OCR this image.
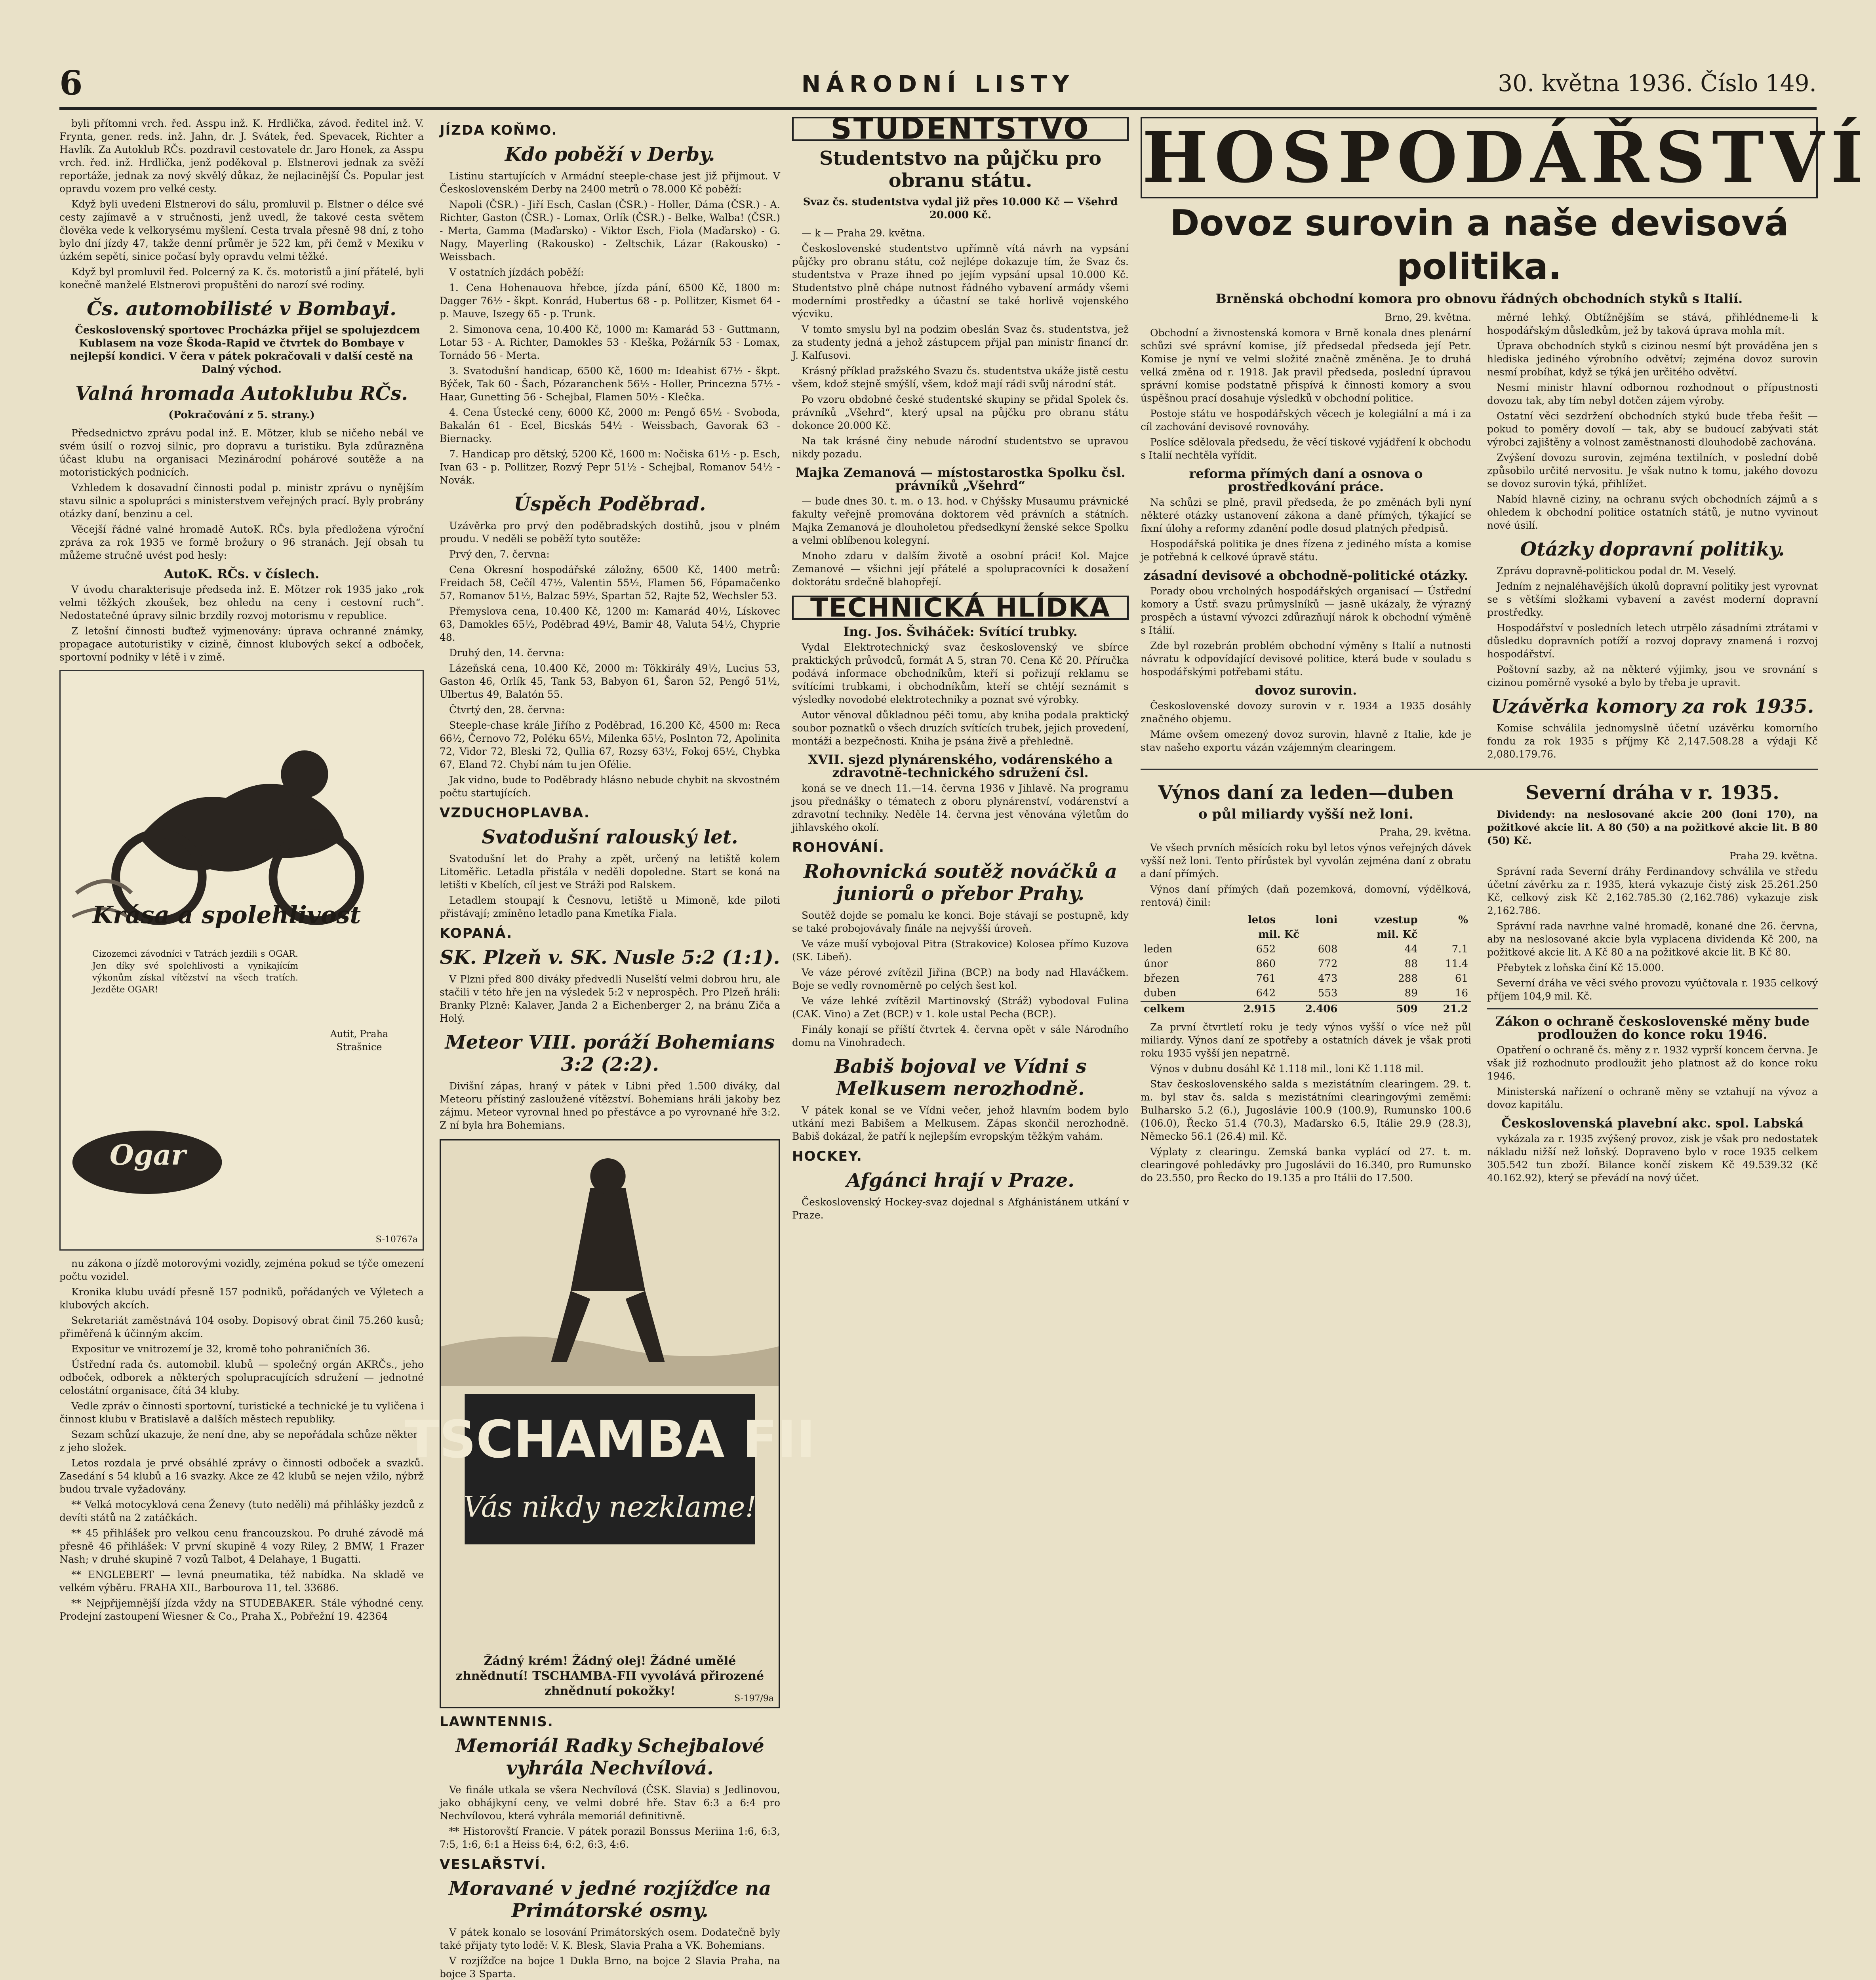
6	NÁRODNÍ LISTY	30. května 1936. Číslo 149.

byli přítomni vrch. řed. Asspu inž. K. Hrdlička, závod. ředitel inž. V. Frynta, gener. reds. inž. Jahn, dr. J. Svátek, řed. Spevacek, Richter a Havlík. Za Autoklub RČs. pozdravil cestovatele dr. Jaro Honek, za Asspu vrch. řed. inž. Hrdlička, jenž poděkoval p. Elstnerovi jednak za svěží reportáže, jednak za nový skvělý důkaz, že nejlacinější Čs. Popular jest opravdu vozem pro velké cesty.

Když byli uvedeni Elstnerovi do sálu, promluvil p. Elstner o délce své cesty zajímavě a v stručnosti, jenž uvedl, že takové cesta světem člověka vede k velkorysému myšlení. Cesta trvala přesně 98 dní, z toho bylo dní jízdy 47, takže denní průměr je 522 km, při čemž v Mexiku v úzkém sepětí, sinice počasí byly opravdu velmi těžké.

Když byl promluvil řed. Polcerný za K. čs. motoristů a jiní přátelé, byli konečně manželé Elstnerovi propuštěni do narozí své rodiny.

Čs. automobilisté v Bombayi.

Československý sportovec Procházka přijel se spolujezdcem Kublasem na voze Škoda-Rapid ve čtvrtek do Bombaye v nejlepší kondici. V čera v pátek pokračovali v další cestě na Dalný východ.

Valná hromada Autoklubu RČs.
(Pokračování z 5. strany.)

Předsednictvo zprávu podal inž. E. Mötzer, klub se ničeho nebál ve svém úsilí o rozvoj silnic, pro dopravu a turistiku. Byla zdůrazněna účast klubu na organisaci Mezinárodní pohárové soutěže a na motoristických podnicích.

Vzhledem k dosavadní činnosti podal p. ministr zprávu o nynějším stavu silnic a spolupráci s ministerstvem veřejných prací. Byly probrány otázky daní, benzinu a cel.

Věcejší řádné valné hromadě AutoK. RČs. byla předložena výroční zpráva za rok 1935 ve formě brožury o 96 stranách. Její obsah tu můžeme stručně uvést pod hesly:

AutoK. RČs. v číslech.

V úvodu charakterisuje předseda inž. E. Mötzer rok 1935 jako „rok velmi těžkých zkoušek, bez ohledu na ceny i cestovní ruch“. Nedostatečné úpravy silnic brzdily rozvoj motorismu v republice.

Z letošní činnosti buďtež vyjmenovány: úprava ochranné známky, propagace autoturistiky v cizině, činnost klubových sekcí a odboček, sportovní podniky v létě i v zimě.

Krása a spolehlivost
Cizozemci závodníci v Tatrách jezdili s OGAR. Jen díky své spolehlivosti a vynikajícím výkonům získal vítězství na všech tratích. Jezděte OGAR!
Autit, Praha Strašnice
Ogar
S-10767a

nu zákona o jízdě motorovými vozidly, zejména pokud se týče omezení počtu vozidel.

Kronika klubu uvádí přesně 157 podniků, pořádaných ve Výletech a klubových akcích.

Sekretariát zaměstnává 104 osoby. Dopisový obrat činil 75.260 kusů; přiměřená k účinným akcím.

Expositur ve vnitrozemí je 32, kromě toho pohraničních 36.

Ústřední rada čs. automobil. klubů — společný orgán AKRČs., jeho odboček, odborek a některých spolupracujících sdružení — jednotné celostátní organisace, čítá 34 kluby.

Vedle zpráv o činnosti sportovní, turistické a technické je tu vyličena i činnost klubu v Bratislavě a dalších městech republiky.

Sezam schůzí ukazuje, že není dne, aby se nepořádala schůze některé z jeho složek.

Letos rozdala je prvé obsáhlé zprávy o činnosti odboček a svazků. Zasedání s 54 klubů a 16 svazky. Akce ze 42 klubů se nejen vžilo, nýbrž budou trvale vyžadovány.

** Velká motocyklová cena Ženevy (tuto neděli) má přihlášky jezdců z devíti států na 2 zatáčkách.

** 45 přihlášek pro velkou cenu francouzskou. Po druhé závodě má přesně 46 přihlášek: V první skupině 4 vozy Riley, 2 BMW, 1 Frazer Nash; v druhé skupině 7 vozů Talbot, 4 Delahaye, 1 Bugatti.

** ENGLEBERT — levná pneumatika, též nabídka. Na skladě ve velkém výběru. FRAHA XII., Barbourova 11, tel. 33686.

** Nejpřijemnější jízda vždy na STUDEBAKER. Stále výhodné ceny. Prodejní zastoupení Wiesner & Co., Praha X., Pobřežní 19. 42364

JÍZDA KOŇMO.
Kdo poběží v Derby.

Listinu startujících v Armádní steeple-chase jest již přijmout. V Československém Derby na 2400 metrů o 78.000 Kč poběží:

Napoli (ČSR.) - Jiří Esch, Caslan (ČSR.) - Holler, Dáma (ČSR.) - A. Richter, Gaston (ČSR.) - Lomax, Orlík (ČSR.) - Belke, Walba! (ČSR.) - Merta, Gamma (Maďarsko) - Viktor Esch, Fiola (Maďarsko) - G. Nagy, Mayerling (Rakousko) - Zeltschik, Lázar (Rakousko) - Weissbach.

V ostatních jízdách poběží:

1. Cena Hohenauova hřebce, jízda pání, 6500 Kč, 1800 m: Dagger 76½ - škpt. Konrád, Hubertus 68 - p. Pollitzer, Kismet 64 - p. Mauve, Iszegy 65 - p. Trunk.

2. Simonova cena, 10.400 Kč, 1000 m: Kamarád 53 - Guttmann, Lotar 53 - A. Richter, Damokles 53 - Kleška, Požárník 53 - Lomax, Tornádo 56 - Merta.

3. Svatodušní handicap, 6500 Kč, 1600 m: Ideahist 67½ - škpt. Býček, Tak 60 - Šach, Pózaranchenk 56½ - Holler, Princezna 57½ - Haar, Gunetting 56 - Schejbal, Flamen 50½ - Klečka.

4. Cena Ústecké ceny, 6000 Kč, 2000 m: Pengő 65½ - Svoboda, Bakalán 61 - Ecel, Bicskás 54½ - Weissbach, Gavorak 63 - Biernacky.

7. Handicap pro dětský, 5200 Kč, 1600 m: Nočiska 61½ - p. Esch, Ivan 63 - p. Pollitzer, Rozvý Pepr 51½ - Schejbal, Romanov 54½ - Novák.

Úspěch Poděbrad.

Uzávěrka pro prvý den poděbradských dostihů, jsou v plném proudu. V neděli se poběží tyto soutěže:

Prvý den, 7. června:

Cena Okresní hospodářské záložny, 6500 Kč, 1400 metrů: Freidach 58, Cečíl 47½, Valentin 55½, Flamen 56, Fópamačenko 57, Romanov 51½, Balzac 59½, Spartan 52, Rajte 52, Wechsler 53.

Přemyslova cena, 10.400 Kč, 1200 m: Kamarád 40½, Lískovec 63, Damokles 65½, Poděbrad 49½, Bamir 48, Valuta 54½, Chyprie 48.

Druhý den, 14. června:

Lázeňská cena, 10.400 Kč, 2000 m: Tökkirály 49½, Lucius 53, Gaston 46, Orlík 45, Tank 53, Babyon 61, Šaron 52, Pengő 51½, Ulbertus 49, Balatón 55.

Čtvrtý den, 28. června:

Steeple-chase krále Jiřího z Poděbrad, 16.200 Kč, 4500 m: Reca 66½, Černovo 72, Poléku 65½, Milenka 65½, Poslnton 72, Apolinita 72, Vidor 72, Bleski 72, Qullia 67, Rozsy 63½, Fokoj 65½, Chybka 67, Eland 72. Chybí nám tu jen Ofélie.

Jak vidno, bude to Poděbrady hlásno nebude chybit na skvostném počtu startujících.

VZDUCHOPLAVBA.
Svatodušní ralouský let.

Svatodušní let do Prahy a zpět, určený na letiště kolem Litoměřic. Letadla přistála v neděli dopoledne. Start se koná na letišti v Kbelích, cíl jest ve Stráži pod Ralskem.

Letadlem stoupají k Česnovu, letiště u Mimoně, kde piloti přistávají; zmíněno letadlo pana Kmetíka Fiala.

KOPANÁ.
SK. Plzeň v. SK. Nusle 5:2 (1:1).

V Plzni před 800 diváky předvedli Nuselští velmi dobrou hru, ale stačili v této hře jen na výsledek 5:2 v neprospěch. Pro Plzeň hráli: Branky Plzně: Kalaver, Janda 2 a Eichenberger 2, na bránu Ziča a Holý.

Meteor VIII. poráží Bohemians 3:2 (2:2).

Divišní zápas, hraný v pátek v Libni před 1.500 diváky, dal Meteoru přístiný zasloužené vítězství. Bohemians hráli jakoby bez zájmu. Meteor vyrovnal hned po přestávce a po vyrovnané hře 3:2. Z ní byla hra Bohemians.

TSCHAMBA FII
Vás nikdy nezklame!
Žádný krém! Žádný olej! Žádné umělé zhnědnutí! TSCHAMBA-FII vyvolává přirozené zhnědnutí pokožky!
S-197/9a
LAWNTENNIS.
Memoriál Radky Schejbalové vyhrála Nechvílová.

Ve finále utkala se všera Nechvílová (ČSK. Slavia) s Jedlinovou, jako obhájkyní ceny, ve velmi dobré hře. Stav 6:3 a 6:4 pro Nechvílovou, která vyhrála memoriál definitivně.

** Historovští Francie. V pátek porazil Bonssus Meriina 1:6, 6:3, 7:5, 1:6, 6:1 a Heiss 6:4, 6:2, 6:3, 4:6.

VESLAŘSTVÍ.
Moravané v jedné rozjížďce na Primátorské osmy.

V pátek konalo se losování Primátorských osem. Dodatečně byly také přijaty tyto lodě: V. K. Blesk, Slavia Praha a VK. Bohemians.

V rozjížďce na bojce 1 Dukla Brno, na bojce 2 Slavia Praha, na bojce 3 Sparta.

STUDENTSTVO
Studentstvo na půjčku pro obranu státu.
Svaz čs. studentstva vydal již přes 10.000 Kč — Všehrd 20.000 Kč.

— k — Praha 29. května.

Československé studentstvo upřímně vítá návrh na vypsání půjčky pro obranu státu, což nejlépe dokazuje tím, že Svaz čs. studentstva v Praze ihned po jejím vypsání upsal 10.000 Kč. Studentstvo plně chápe nutnost řádného vybavení armády všemi moderními prostředky a účastní se také horlivě vojenského výcviku.

V tomto smyslu byl na podzim obeslán Svaz čs. studentstva, jež za studenty jedná a jehož zástupcem přijal pan ministr financí dr. J. Kalfusovi.

Krásný příklad pražského Svazu čs. studentstva ukáže jistě cestu všem, kdož stejně smýšlí, všem, kdož mají rádi svůj národní stát.

Po vzoru obdobné české studentské skupiny se přidal Spolek čs. právníků „Všehrd“, který upsal na půjčku pro obranu státu dokonce 20.000 Kč.

Na tak krásné činy nebude národní studentstvo se upravou nikdy pozadu.

Majka Zemanová — místostarostka Spolku čsl. právníků „Všehrd“

— bude dnes 30. t. m. o 13. hod. v Chýšsky Musaumu právnické fakulty veřejně promována doktorem věd právních a státních. Majka Zemanová je dlouholetou předsedkyní ženské sekce Spolku a velmi oblíbenou kolegyní.

Mnoho zdaru v dalším životě a osobní práci! Kol. Majce Zemanové — všichni její přátelé a spolupracovníci k dosažení doktorátu srdečně blahopřejí.

TECHNICKÁ HLÍDKA
Ing. Jos. Šviháček: Svítící trubky.

Vydal Elektrotechnický svaz československý ve sbírce praktických průvodců, formát A 5, stran 70. Cena Kč 20. Příručka podává informace obchodníkům, kteří si pořizují reklamu se svítícími trubkami, i obchodníkům, kteří se chtějí seznámit s výsledky novodobé elektrotechniky a poznat své výrobky.

Autor věnoval důkladnou péči tomu, aby kniha podala praktický soubor poznatků o všech druzích svítících trubek, jejich provedení, montáži a bezpečnosti. Kniha je psána živě a přehledně.

XVII. sjezd plynárenského, vodárenského a zdravotně-technického sdružení čsl.

koná se ve dnech 11.—14. června 1936 v Jihlavě. Na programu jsou přednášky o tématech z oboru plynárenství, vodárenství a zdravotní techniky. Neděle 14. června jest věnována výletům do jihlavského okolí.

ROHOVÁNÍ.
Rohovnická soutěž nováčků a juniorů o přebor Prahy.

Soutěž dojde se pomalu ke konci. Boje stávají se postupně, kdy se také probojovávaly finále na nejvyšší úroveň.

Ve váze muší vybojoval Pitra (Strakovice) Kolosea přímo Kuzova (SK. Libeň).

Ve váze pérové zvítězil Jiřina (BCP.) na body nad Hlaváčkem. Boje se vedly rovnoměrně po celých šest kol.

Ve váze lehké zvítězil Martinovský (Stráž) vybodoval Fulina (CAK. Vino) a Zet (BCP.) v 1. kole ustal Pecha (BCP.).

Finály konají se příští čtvrtek 4. června opět v sále Národního domu na Vinohradech.

Babiš bojoval ve Vídni s Melkusem nerozhodně.

V pátek konal se ve Vídni večer, jehož hlavním bodem bylo utkání mezi Babišem a Melkusem. Zápas skončil nerozhodně. Babiš dokázal, že patří k nejlepším evropským těžkým vahám.

HOCKEY.
Afgánci hrají v Praze.

Československý Hockey-svaz dojednal s Afghánistánem utkání v Praze.

HOSPODÁŘSTVÍ
Dovoz surovin a naše devisová politika.
Brněnská obchodní komora pro obnovu řádných obchodních styků s Italií.

Brno, 29. května.

Obchodní a živnostenská komora v Brně konala dnes plenární schůzi své správní komise, jíž předsedal předseda její Petr. Komise je nyní ve velmi složité značně změněna. Je to druhá velká změna od r. 1918. Jak pravil předseda, poslední úpravou správní komise podstatně přispívá k činnosti komory a svou úspěšnou prací dosahuje výsledků v obchodní politice.

Postoje státu ve hospodářských věcech je kolegiální a má i za cíl zachování devisové rovnováhy.

Poslíce sdělovala předsedu, že věcí tiskové vyjádření k obchodu s Italií nechtěla vyřídit.

reforma přímých daní a osnova o prostředkování práce.

Na schůzi se plně, pravil předseda, že po změnách byli nyní některé otázky ustanovení zákona a daně přímých, týkající se fixní úlohy a reformy zdanění podle dosud platných předpisů.

Hospodářská politika je dnes řízena z jediného místa a komise je potřebná k celkové úpravě státu.

zásadní devisové a obchodně-politické otázky.

Porady obou vrcholných hospodářských organisací — Ústřední komory a Ústř. svazu průmyslníků — jasně ukázaly, že výrazný prospěch a ústavní vývozci zdůrazňují nárok k obchodní výměně s Itálií.

Zde byl rozebrán problém obchodní výměny s Italií a nutnosti návratu k odpovídající devisové politice, která bude v souladu s hospodářskými potřebami státu.

dovoz surovin.

Československé dovozy surovin v r. 1934 a 1935 dosáhly značného objemu.

Máme ovšem omezený dovoz surovin, hlavně z Italie, kde je stav našeho exportu vázán vzájemným clearingem.

měrné lehký. Obtížnějším se stává, přihlédneme-li k hospodářským důsledkům, jež by taková úprava mohla mít.

Úprava obchodních styků s cizinou nesmí být prováděna jen s hlediska jediného výrobního odvětví; zejména dovoz surovin nesmí probíhat, když se týká jen určitého odvětví.

Nesmí ministr hlavní odbornou rozhodnout o přípustnosti dovozu tak, aby tím nebyl dotčen zájem výroby.

Ostatní věci sezdržení obchodních stykú bude třeba řešit — pokud to poměry dovolí — tak, aby se budoucí zabývati stát výrobci zajištěny a volnost zaměstnanosti dlouhodobě zachována.

Zvýšení dovozu surovin, zejména textilních, v poslední době způsobilo určité nervositu. Je však nutno k tomu, jakého dovozu se dovoz surovin týká, přihlížet.

Nabíd hlavně ciziny, na ochranu svých obchodních zájmů a s ohledem k obchodní politice ostatních států, je nutno vyvinout nové úsilí.

Otázky dopravní politiky.

Zprávu dopravně-politickou podal dr. M. Veselý.

Jedním z nejnaléhavějších úkolů dopravní politiky jest vyrovnat se s většími složkami vybavení a zavést moderní dopravní prostředky.

Hospodářství v posledních letech utrpělo zásadními ztrátami v důsledku dopravních potíží a rozvoj dopravy znamená i rozvoj hospodářství.

Poštovní sazby, až na některé výjimky, jsou ve srovnání s cizinou poměrně vysoké a bylo by třeba je upravit.

Uzávěrka komory za rok 1935.

Komise schválila jednomyslně účetní uzávěrku komorního fondu za rok 1935 s příjmy Kč 2,147.508.28 a výdaji Kč 2,080.179.76.

Výnos daní za leden—duben
o půl miliardy vyšší než loni.

Praha, 29. května.

Ve všech prvních měsících roku byl letos výnos veřejných dávek vyšší než loni. Tento přírůstek byl vyvolán zejména daní z obratu a daní přímých.

Výnos daní přímých (daň pozemková, domovní, výdělková, rentová) činil:

	letos	loni	vzestup	%
	mil. Kč		mil. Kč	
leden	652	608	44	7.1
únor	860	772	88	11.4
březen	761	473	288	61
duben	642	553	89	16
celkem	2.915	2.406	509	21.2

Za první čtvrtletí roku je tedy výnos vyšší o více než půl miliardy. Výnos daní ze spotřeby a ostatních dávek je však proti roku 1935 vyšší jen nepatrně.

Výnos v dubnu dosáhl Kč 1.118 mil., loni Kč 1.118 mil.

Stav československého salda s mezistátním clearingem. 29. t. m. byl stav čs. salda s mezistátními clearingovými zeměmi: Bulharsko 5.2 (6.), Jugoslávie 100.9 (100.9), Rumunsko 100.6 (106.0), Řecko 51.4 (70.3), Maďarsko 6.5, Itálie 29.9 (28.3), Německo 56.1 (26.4) mil. Kč.

Výplaty z clearingu. Zemská banka vyplácí od 27. t. m. clearingové pohledávky pro Jugoslávii do 16.340, pro Rumunsko do 23.550, pro Řecko do 19.135 a pro Itálii do 17.500.

Severní dráha v r. 1935.

Dividendy: na neslosované akcie 200 (loni 170), na požitkové akcie lit. A 80 (50) a na požitkové akcie lit. B 80 (50) Kč.

Praha 29. května.

Správní rada Severní dráhy Ferdinandovy schválila ve středu účetní závěrku za r. 1935, která vykazuje čistý zisk 25.261.250 Kč, celkový zisk Kč 2,162.785.30 (2,162.786) vykazuje zisk 2,162.786.

Správní rada navrhne valné hromadě, konané dne 26. června, aby na neslosované akcie byla vyplacena dividenda Kč 200, na požitkové akcie lit. A Kč 80 a na požitkové akcie lit. B Kč 80.

Přebytek z loňska činí Kč 15.000.

Severní dráha ve věci svého provozu vyúčtovala r. 1935 celkový příjem 104,9 mil. Kč.

Zákon o ochraně československé měny bude prodloužen do konce roku 1946.

Opatření o ochraně čs. měny z r. 1932 vyprší koncem června. Je však již rozhodnuto prodloužit jeho platnost až do konce roku 1946.

Ministerská nařízení o ochraně měny se vztahují na vývoz a dovoz kapitálu.

Československá plavební akc. spol. Labská

vykázala za r. 1935 zvýšený provoz, zisk je však pro nedostatek nákladu nižší než loňský. Dopraveno bylo v roce 1935 celkem 305.542 tun zboží. Bilance končí ziskem Kč 49.539.32 (Kč 40.162.92), který se převádí na nový účet.
